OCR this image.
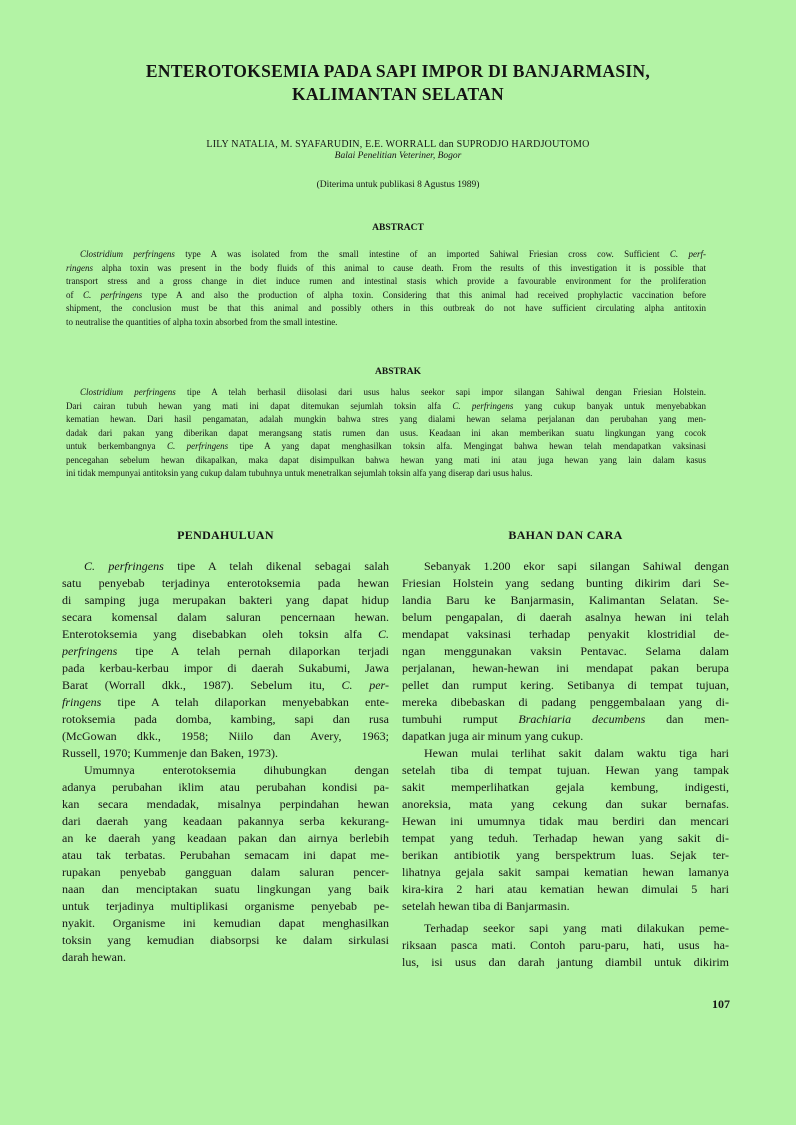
ENTEROTOKSEMIA PADA SAPI IMPOR DI BANJARMASIN,
KALIMANTAN SELATAN
LILY NATALIA, M. SYAFARUDIN, E.E. WORRALL dan SUPRODJO HARDJOUTOMO
Balai Penelitian Veteriner, Bogor
(Diterima untuk publikasi 8 Agustus 1989)
ABSTRACT
Clostridium perfringens type A was isolated from the small intestine of an imported Sahiwal Friesian cross cow. Sufficient C. perf-
ringens alpha toxin was present in the body fluids of this animal to cause death. From the results of this investigation it is possible that
transport stress and a gross change in diet induce rumen and intestinal stasis which provide a favourable environment for the proliferation
of C. perfringens type A and also the production of alpha toxin. Considering that this animal had received prophylactic vaccination before
shipment, the conclusion must be that this animal and possibly others in this outbreak do not have sufficient circulating alpha antitoxin
to neutralise the quantities of alpha toxin absorbed from the small intestine.
ABSTRAK
Clostridium perfringens tipe A telah berhasil diisolasi dari usus halus seekor sapi impor silangan Sahiwal dengan Friesian Holstein.
Dari cairan tubuh hewan yang mati ini dapat ditemukan sejumlah toksin alfa C. perfringens yang cukup banyak untuk menyebabkan
kematian hewan. Dari hasil pengamatan, adalah mungkin bahwa stres yang dialami hewan selama perjalanan dan perubahan yang men-
dadak dari pakan yang diberikan dapat merangsang statis rumen dan usus. Keadaan ini akan memberikan suatu lingkungan yang cocok
untuk berkembangnya C. perfringens tipe A yang dapat menghasilkan toksin alfa. Mengingat bahwa hewan telah mendapatkan vaksinasi
pencegahan sebelum hewan dikapalkan, maka dapat disimpulkan bahwa hewan yang mati ini atau juga hewan yang lain dalam kasus
ini tidak mempunyai antitoksin yang cukup dalam tubuhnya untuk menetralkan sejumlah toksin alfa yang diserap dari usus halus.
PENDAHULUAN
C. perfringens tipe A telah dikenal sebagai salah
satu penyebab terjadinya enterotoksemia pada hewan
di samping juga merupakan bakteri yang dapat hidup
secara komensal dalam saluran pencernaan hewan.
Enterotoksemia yang disebabkan oleh toksin alfa C.
perfringens tipe A telah pernah dilaporkan terjadi
pada kerbau-kerbau impor di daerah Sukabumi, Jawa
Barat (Worrall dkk., 1987). Sebelum itu, C. per-
fringens tipe A telah dilaporkan menyebabkan ente-
rotoksemia pada domba, kambing, sapi dan rusa
(McGowan dkk., 1958; Niilo dan Avery, 1963;
Russell, 1970; Kummenje dan Baken, 1973).
Umumnya enterotoksemia dihubungkan dengan
adanya perubahan iklim atau perubahan kondisi pa-
kan secara mendadak, misalnya perpindahan hewan
dari daerah yang keadaan pakannya serba kekurang-
an ke daerah yang keadaan pakan dan airnya berlebih
atau tak terbatas. Perubahan semacam ini dapat me-
rupakan penyebab gangguan dalam saluran pencer-
naan dan menciptakan suatu lingkungan yang baik
untuk terjadinya multiplikasi organisme penyebab pe-
nyakit. Organisme ini kemudian dapat menghasilkan
toksin yang kemudian diabsorpsi ke dalam sirkulasi
darah hewan.
BAHAN DAN CARA
Sebanyak 1.200 ekor sapi silangan Sahiwal dengan
Friesian Holstein yang sedang bunting dikirim dari Se-
landia Baru ke Banjarmasin, Kalimantan Selatan. Se-
belum pengapalan, di daerah asalnya hewan ini telah
mendapat vaksinasi terhadap penyakit klostridial de-
ngan menggunakan vaksin Pentavac. Selama dalam
perjalanan, hewan-hewan ini mendapat pakan berupa
pellet dan rumput kering. Setibanya di tempat tujuan,
mereka dibebaskan di padang penggembalaan yang di-
tumbuhi rumput Brachiaria decumbens dan men-
dapatkan juga air minum yang cukup.
Hewan mulai terlihat sakit dalam waktu tiga hari
setelah tiba di tempat tujuan. Hewan yang tampak
sakit memperlihatkan gejala kembung, indigesti,
anoreksia, mata yang cekung dan sukar bernafas.
Hewan ini umumnya tidak mau berdiri dan mencari
tempat yang teduh. Terhadap hewan yang sakit di-
berikan antibiotik yang berspektrum luas. Sejak ter-
lihatnya gejala sakit sampai kematian hewan lamanya
kira-kira 2 hari atau kematian hewan dimulai 5 hari
setelah hewan tiba di Banjarmasin.
Terhadap seekor sapi yang mati dilakukan peme-
riksaan pasca mati. Contoh paru-paru, hati, usus ha-
lus, isi usus dan darah jantung diambil untuk dikirim
107
